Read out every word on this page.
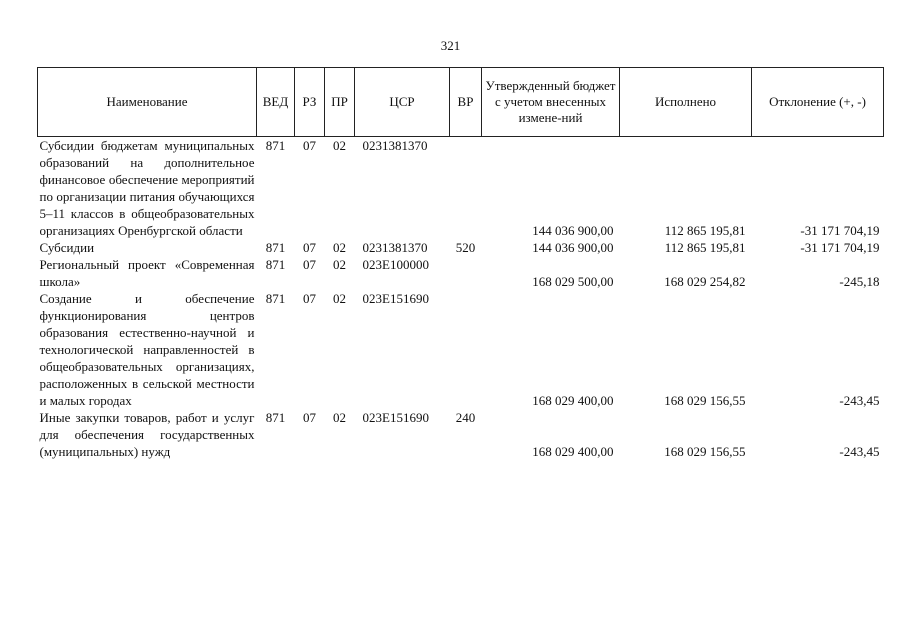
321
Наименование	ВЕД	РЗ	ПР	ЦСР	ВР	Утвержденный бюджет с учетом внесенных измене-ний	Исполнено	Отклонение (+, -)
Субсидии бюджетам муниципальных образований на дополнительное финансовое обеспечение мероприятий по организации питания обучающихся 5–11 классов в общеобразовательных организациях Оренбургской области	871	07	02	0231381370		144 036 900,00	112 865 195,81	-31 171 704,19
Субсидии	871	07	02	0231381370	520	144 036 900,00	112 865 195,81	-31 171 704,19
Региональный проект «Современная школа»	871	07	02	023E100000		168 029 500,00	168 029 254,82	-245,18
Создание и обеспечение функционирования центров образования естественно-научной и технологической направленностей в общеобразовательных организациях, расположенных в сельской местности и малых городах	871	07	02	023E151690		168 029 400,00	168 029 156,55	-243,45
Иные закупки товаров, работ и услуг для обеспечения государственных (муниципальных) нужд	871	07	02	023E151690	240	168 029 400,00	168 029 156,55	-243,45
